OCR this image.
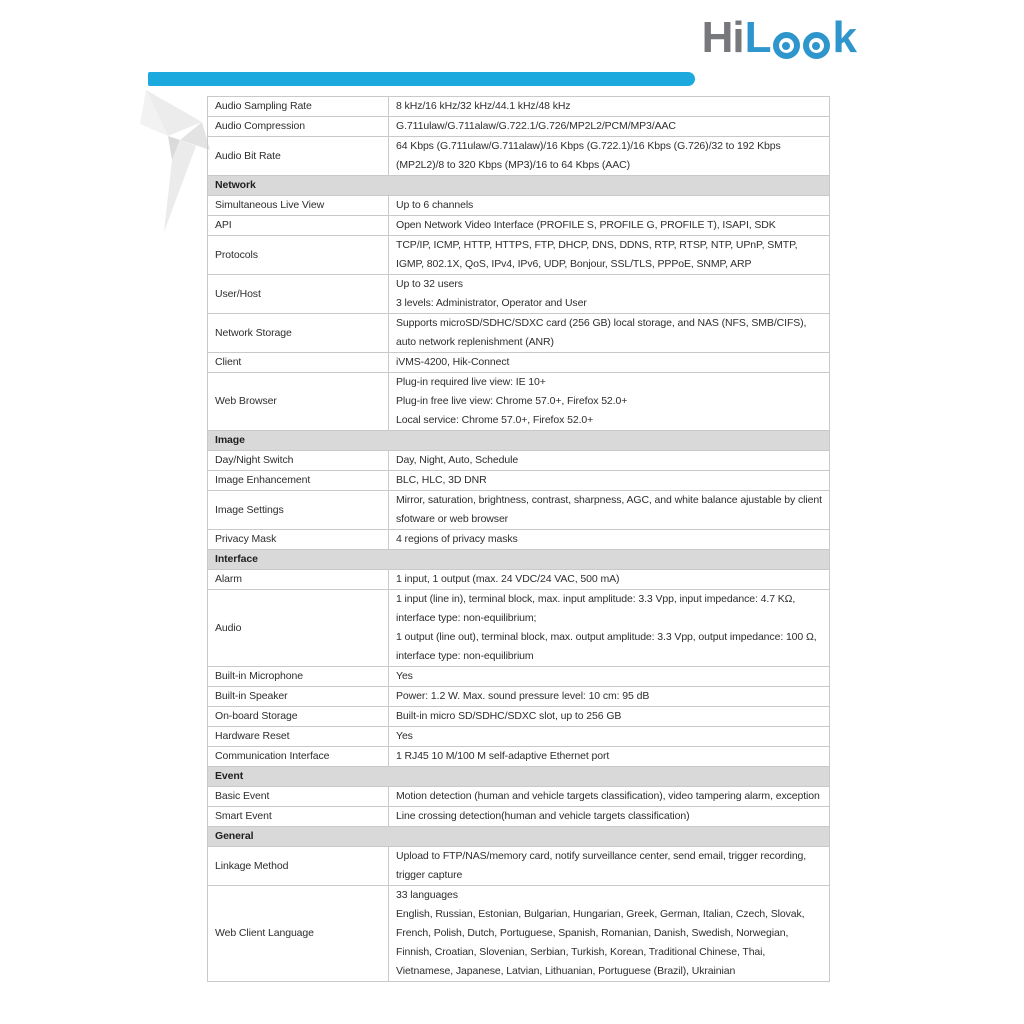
Hi L k
Audio Sampling Rate	8 kHz/16 kHz/32 kHz/44.1 kHz/48 kHz

Audio Compression	G.711ulaw/G.711alaw/G.722.1/G.726/MP2L2/PCM/MP3/AAC

Audio Bit Rate	64 Kbps (G.711ulaw/G.711alaw)/16 Kbps (G.722.1)/16 Kbps (G.726)/32 to 192 Kbps (MP2L2)/8 to 320 Kbps (MP3)/16 to 64 Kbps (AAC)

Network	
Simultaneous Live View	Up to 6 channels

API	Open Network Video Interface (PROFILE S, PROFILE G, PROFILE T), ISAPI, SDK

Protocols	TCP/IP, ICMP, HTTP, HTTPS, FTP, DHCP, DNS, DDNS, RTP, RTSP, NTP, UPnP, SMTP, IGMP, 802.1X, QoS, IPv4, IPv6, UDP, Bonjour, SSL/TLS, PPPoE, SNMP, ARP

User/Host	Up to 32 users
3 levels: Administrator, Operator and User

Network Storage	Supports microSD/SDHC/SDXC card (256 GB) local storage, and NAS (NFS, SMB/CIFS), auto network replenishment (ANR)

Client	iVMS-4200, Hik-Connect

Web Browser	Plug-in required live view: IE 10+
Plug-in free live view: Chrome 57.0+, Firefox 52.0+
Local service: Chrome 57.0+, Firefox 52.0+

Image	
Day/Night Switch	Day, Night, Auto, Schedule

Image Enhancement	BLC, HLC, 3D DNR

Image Settings	Mirror, saturation, brightness, contrast, sharpness, AGC, and white balance ajustable by client sfotware or web browser

Privacy Mask	4 regions of privacy masks

Interface	
Alarm	1 input, 1 output (max. 24 VDC/24 VAC, 500 mA)

Audio	1 input (line in), terminal block, max. input amplitude: 3.3 Vpp, input impedance: 4.7 KΩ, interface type: non-equilibrium;
1 output (line out), terminal block, max. output amplitude: 3.3 Vpp, output impedance: 100 Ω, interface type: non-equilibrium

Built-in Microphone	Yes

Built-in Speaker	Power: 1.2 W. Max. sound pressure level: 10 cm: 95 dB

On-board Storage	Built-in micro SD/SDHC/SDXC slot, up to 256 GB

Hardware Reset	Yes

Communication Interface	1 RJ45 10 M/100 M self-adaptive Ethernet port

Event	
Basic Event	Motion detection (human and vehicle targets classification), video tampering alarm, exception

Smart Event	Line crossing detection(human and vehicle targets classification)

General	
Linkage Method	Upload to FTP/NAS/memory card, notify surveillance center, send email, trigger recording, trigger capture

Web Client Language	33 languages
English, Russian, Estonian, Bulgarian, Hungarian, Greek, German, Italian, Czech, Slovak, French, Polish, Dutch, Portuguese, Spanish, Romanian, Danish, Swedish, Norwegian, Finnish, Croatian, Slovenian, Serbian, Turkish, Korean, Traditional Chinese, Thai, Vietnamese, Japanese, Latvian, Lithuanian, Portuguese (Brazil), Ukrainian
